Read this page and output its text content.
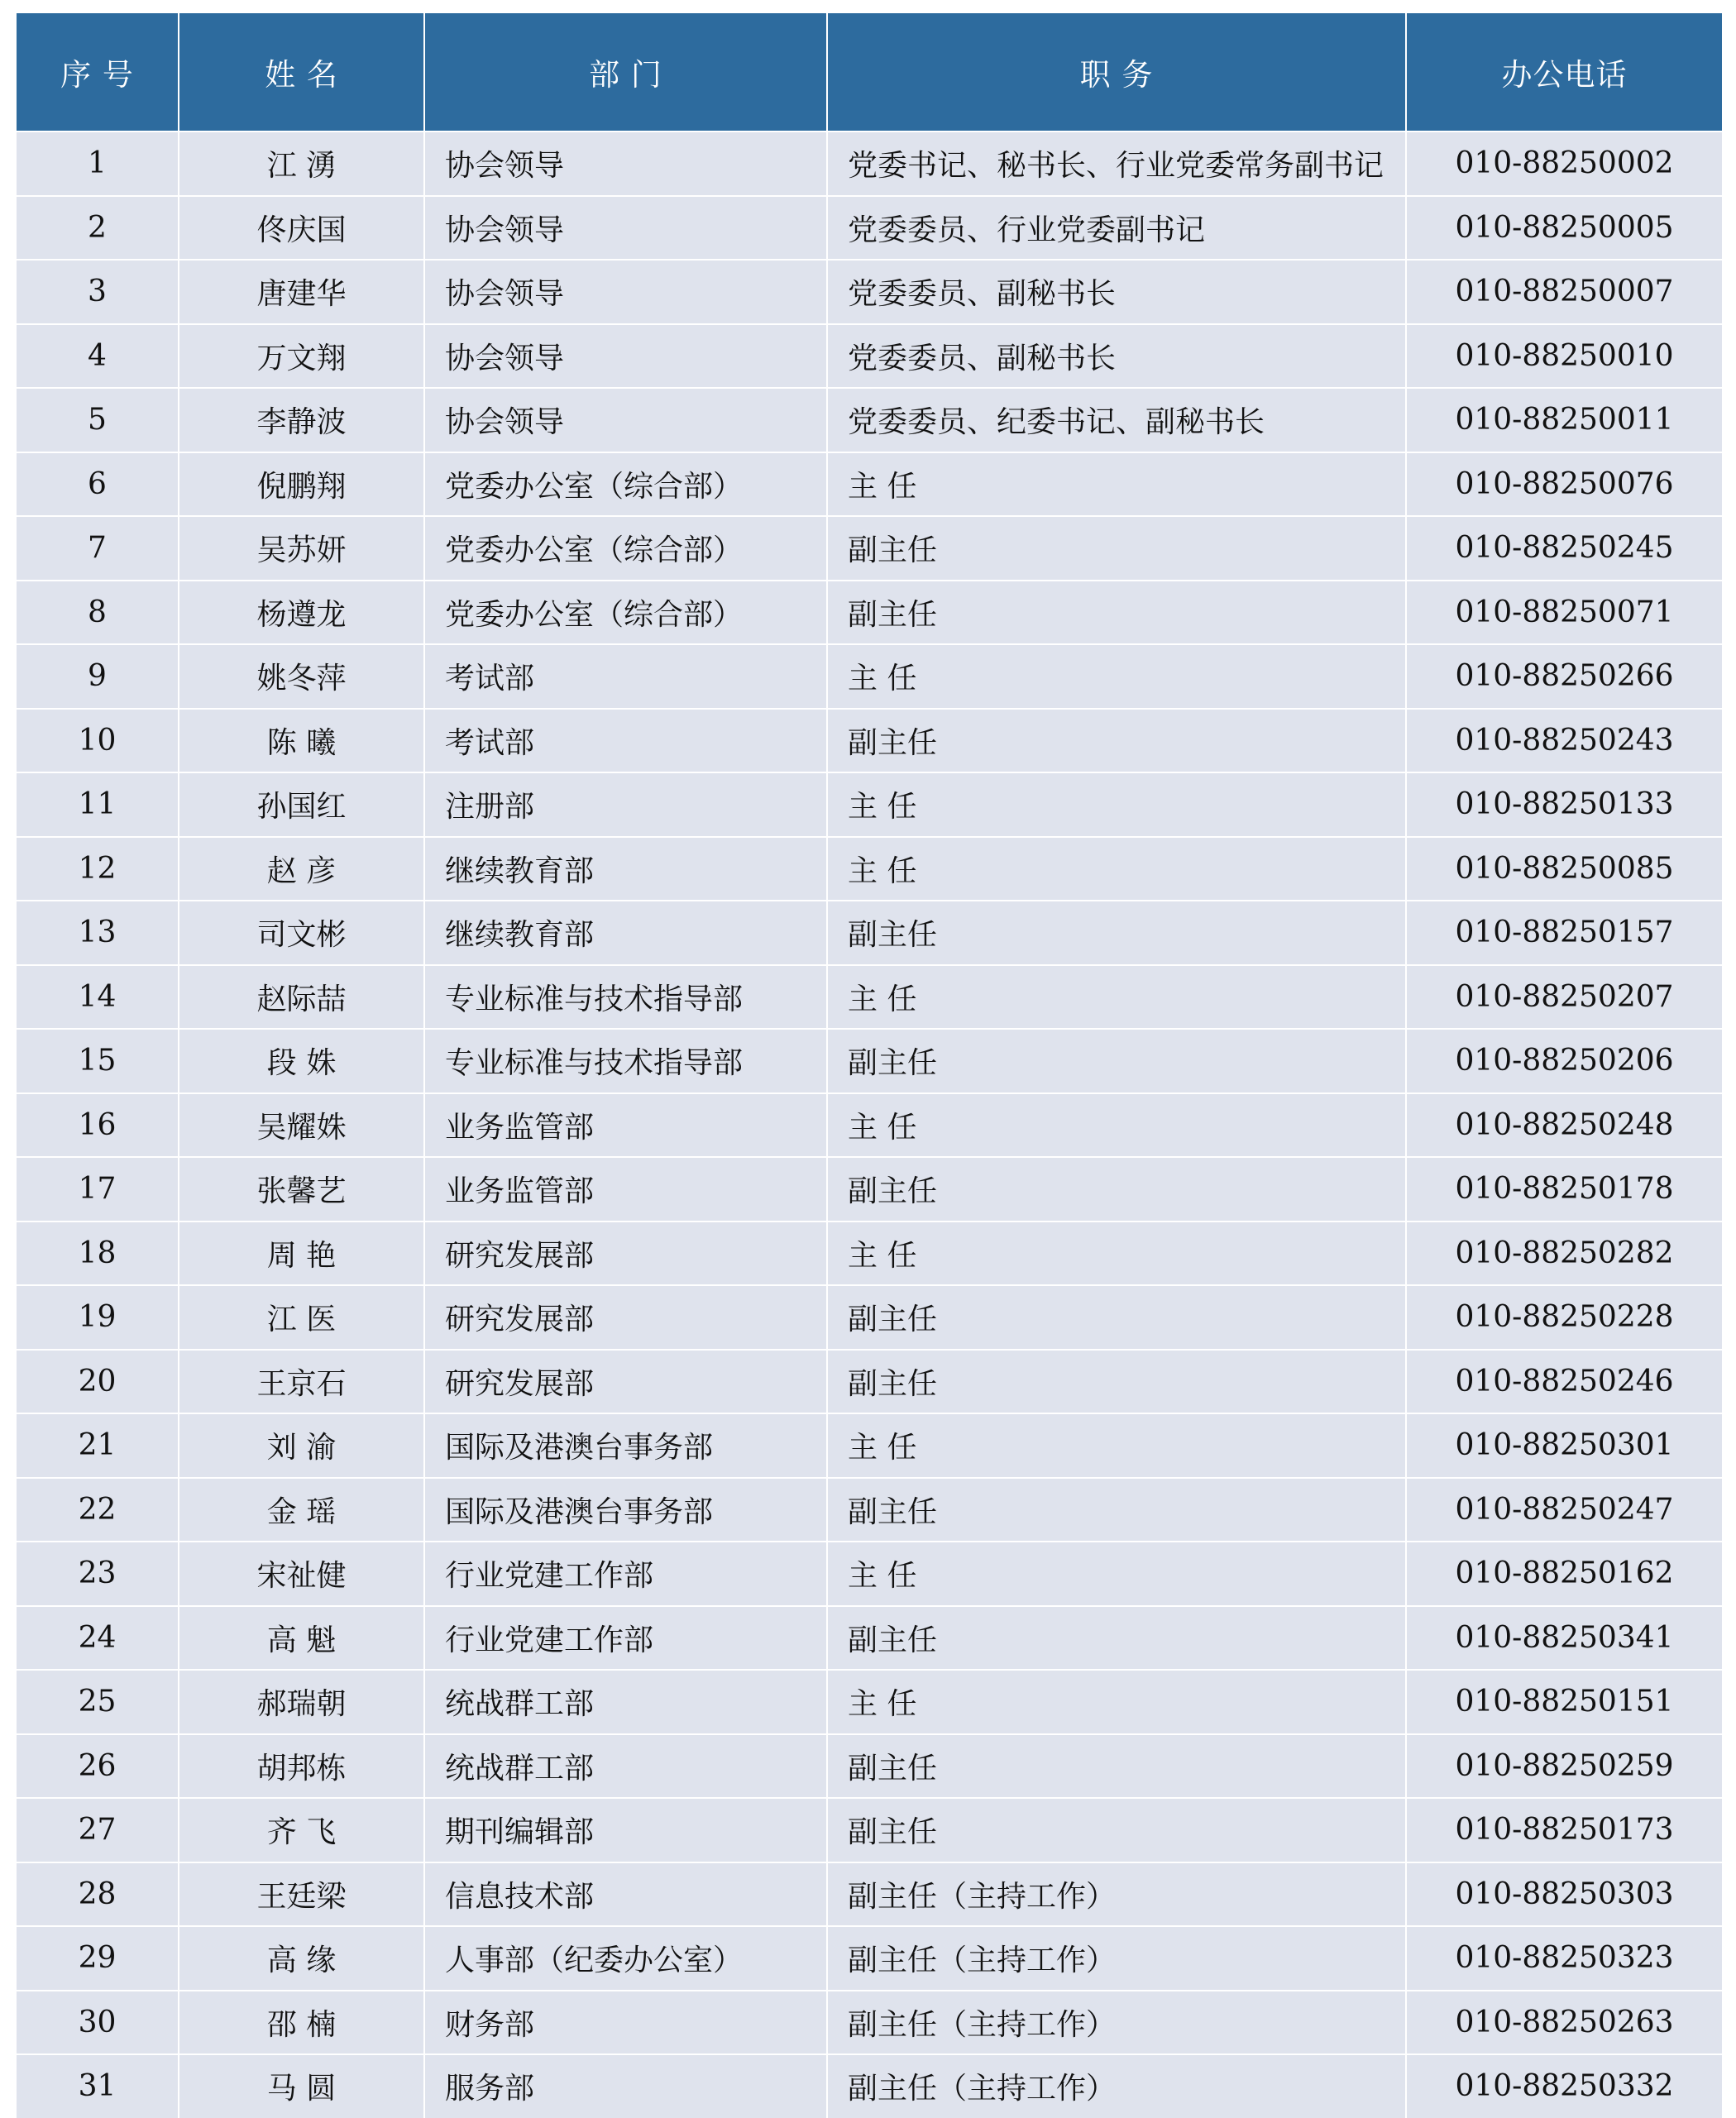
序 号	姓 名	部 门	职 务	办公电话
1	江 湧	协会领导	党委书记、秘书长、行业党委常务副书记	010-88250002
2	佟庆国	协会领导	党委委员、行业党委副书记	010-88250005
3	唐建华	协会领导	党委委员、副秘书长	010-88250007
4	万文翔	协会领导	党委委员、副秘书长	010-88250010
5	李静波	协会领导	党委委员、纪委书记、副秘书长	010-88250011
6	倪鹏翔	党委办公室（综合部）	主 任	010-88250076
7	吴苏妍	党委办公室（综合部）	副主任	010-88250245
8	杨遵龙	党委办公室（综合部）	副主任	010-88250071
9	姚冬萍	考试部	主 任	010-88250266
10	陈 曦	考试部	副主任	010-88250243
11	孙国红	注册部	主 任	010-88250133
12	赵 彦	继续教育部	主 任	010-88250085
13	司文彬	继续教育部	副主任	010-88250157
14	赵际喆	专业标准与技术指导部	主 任	010-88250207
15	段 姝	专业标准与技术指导部	副主任	010-88250206
16	吴耀姝	业务监管部	主 任	010-88250248
17	张馨艺	业务监管部	副主任	010-88250178
18	周 艳	研究发展部	主 任	010-88250282
19	江 医	研究发展部	副主任	010-88250228
20	王京石	研究发展部	副主任	010-88250246
21	刘 渝	国际及港澳台事务部	主 任	010-88250301
22	金 瑶	国际及港澳台事务部	副主任	010-88250247
23	宋祉健	行业党建工作部	主 任	010-88250162
24	高 魁	行业党建工作部	副主任	010-88250341
25	郝瑞朝	统战群工部	主 任	010-88250151
26	胡邦栋	统战群工部	副主任	010-88250259
27	齐 飞	期刊编辑部	副主任	010-88250173
28	王廷梁	信息技术部	副主任（主持工作）	010-88250303
29	高 缘	人事部（纪委办公室）	副主任（主持工作）	010-88250323
30	邵 楠	财务部	副主任（主持工作）	010-88250263
31	马 圆	服务部	副主任（主持工作）	010-88250332
